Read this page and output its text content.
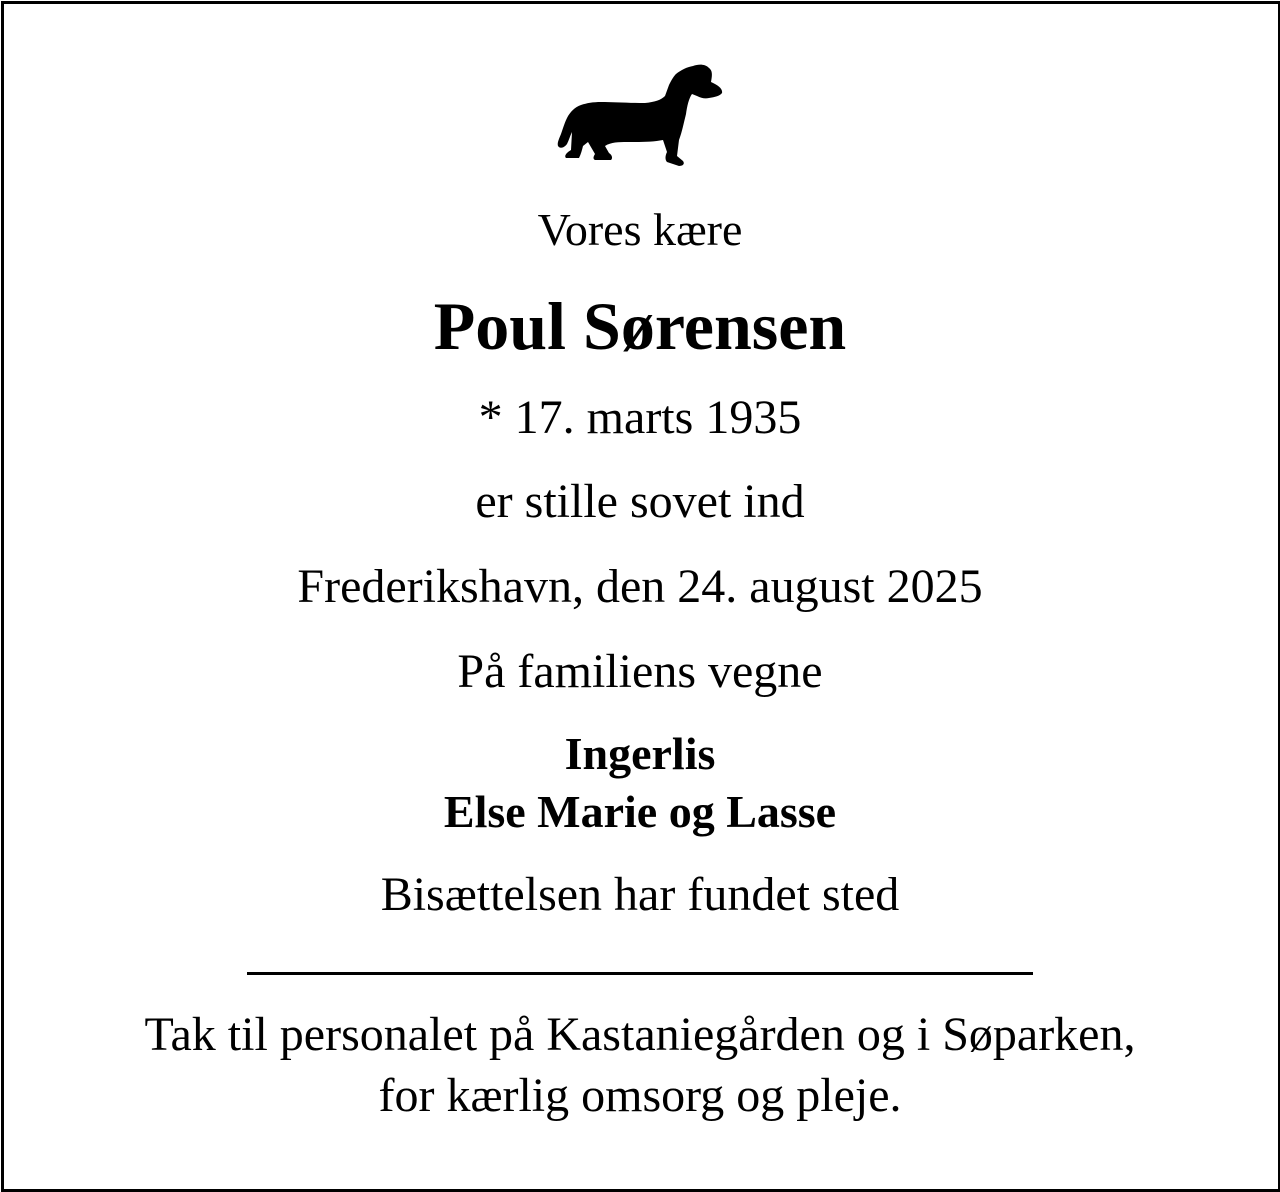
Vores kære
Poul Sørensen
* 17. marts 1935
er stille sovet ind
Frederikshavn, den 24. august 2025
På familiens vegne
Ingerlis
Else Marie og Lasse
Bisættelsen har fundet sted
Tak til personalet på Kastaniegården og i Søparken,
for kærlig omsorg og pleje.
